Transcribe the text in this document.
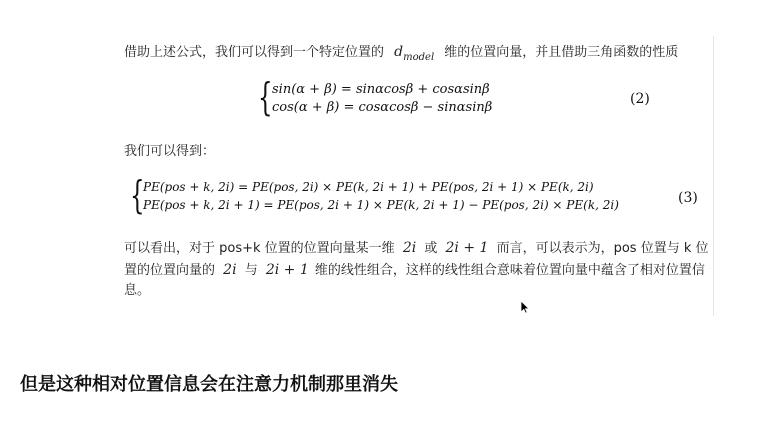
借助上述公式，我们可以得到一个特定位置的 $d_{model}$ 维的位置向量，并且借助三角函数的性质
{ sin(α + β) = sinαcosβ + cosαsinβ
cos(α + β) = cosαcosβ − sinαsinβ
(2)
我们可以得到：
{
PE(pos + k, 2i) = PE(pos, 2i) × PE(k, 2i + 1) + PE(pos, 2i + 1) × PE(k, 2i)
PE(pos + k, 2i + 1) = PE(pos, 2i + 1) × PE(k, 2i + 1) − PE(pos, 2i) × PE(k, 2i)	(3)
可以看出，对于 pos+k 位置的位置向量某一维 2i 或 2i + 1 而言，可以表示为，pos 位置与 k 位
置的位置向量的 2i 与 2i + 1 维的线性组合，这样的线性组合意味着位置向量中蕴含了相对位置信
息。
但是这种相对位置信息会在注意力机制那里消失
